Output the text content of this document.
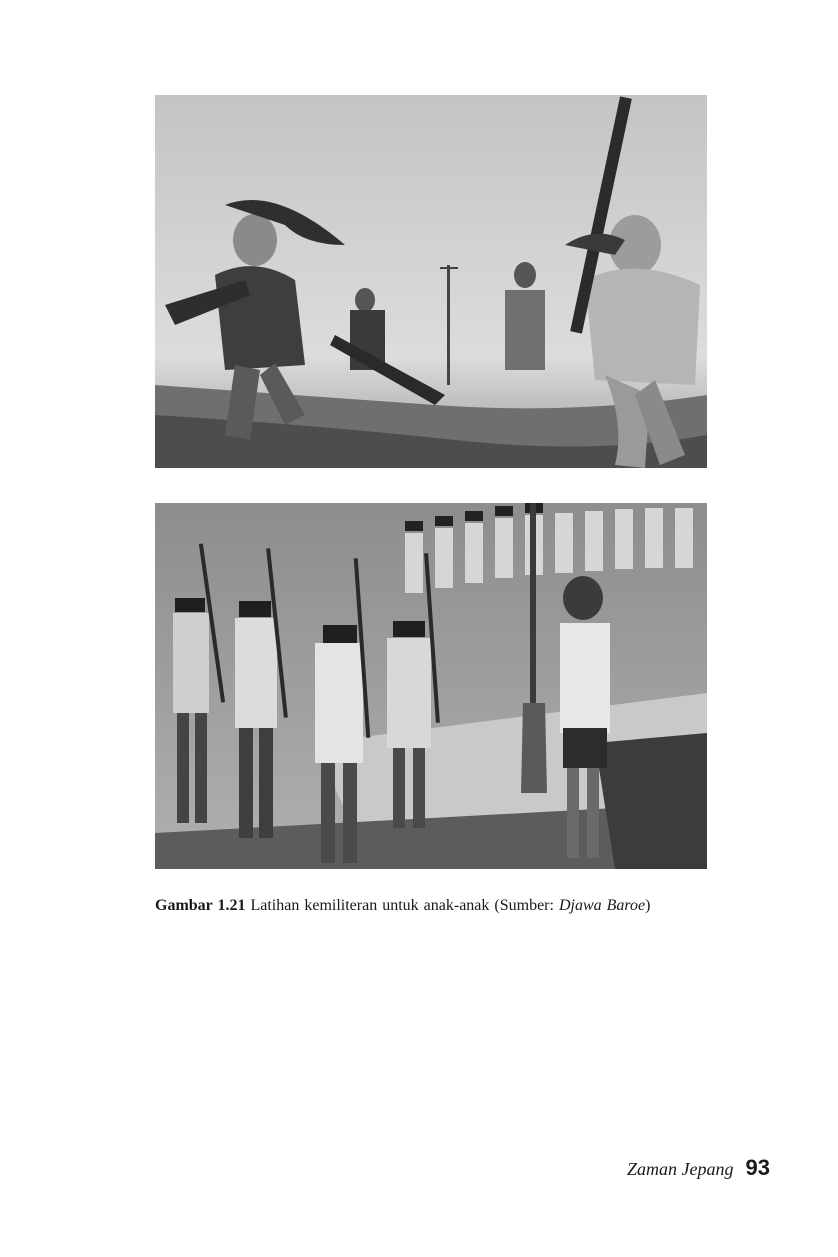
Gambar 1.21 Latihan kemiliteran untuk anak-anak (Sumber: Djawa Baroe)
Zaman Jepang 93
